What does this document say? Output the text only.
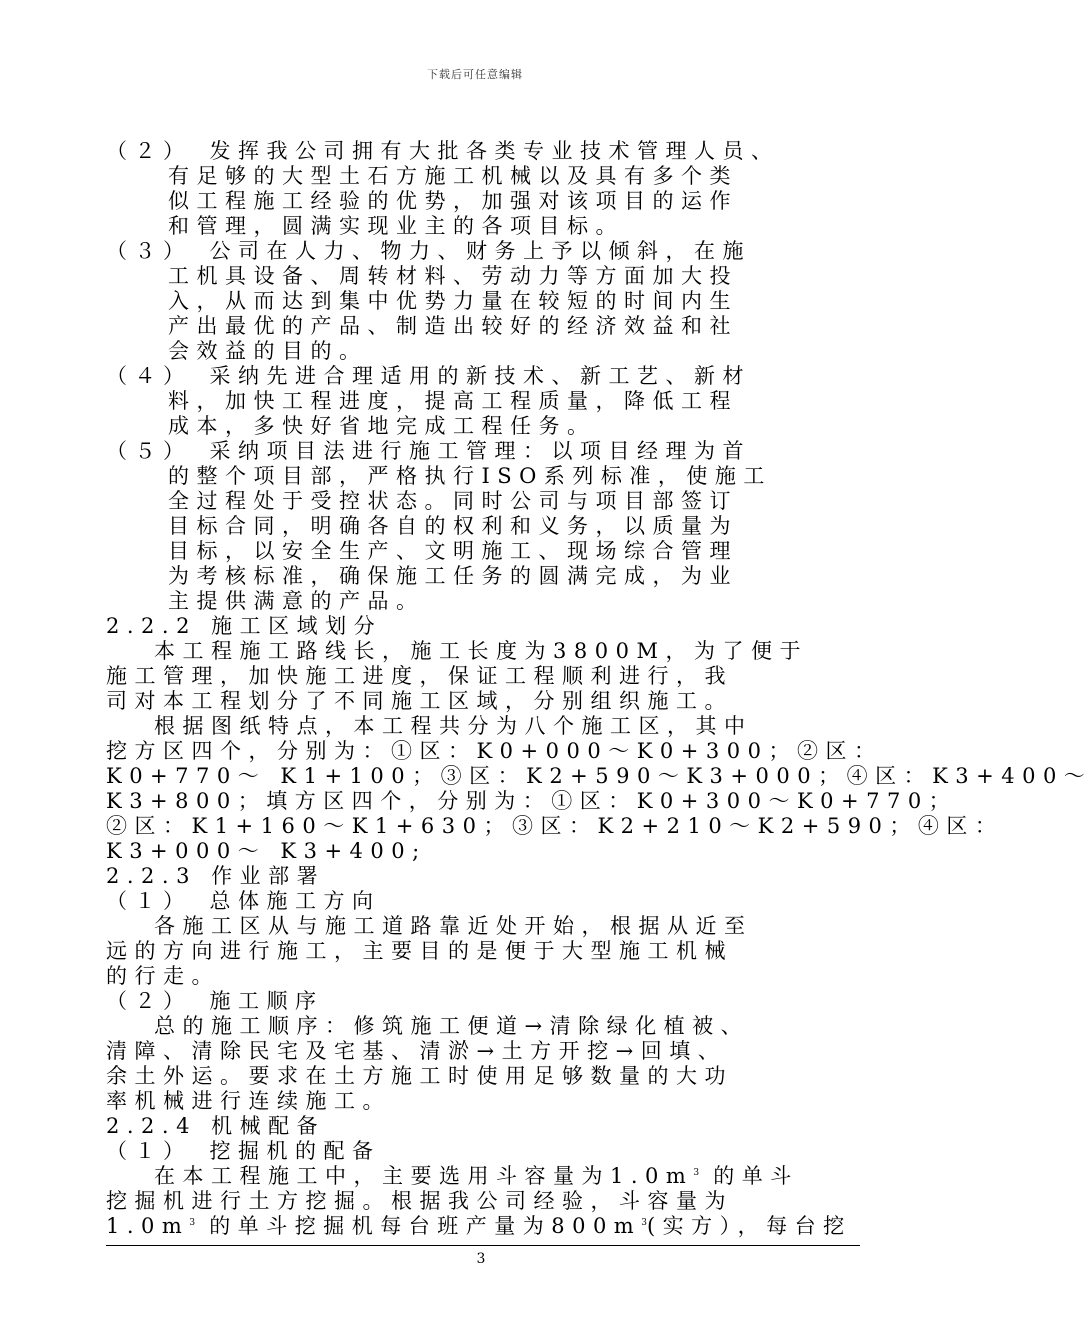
下载后可任意编辑
（２）　发挥我公司拥有大批各类专业技术管理人员、
有足够的大型土石方施工机械以及具有多个类
似工程施工经验的优势，加强对该项目的运作
和管理，圆满实现业主的各项目标。
（３）　公司在人力、物力、财务上予以倾斜，在施
工机具设备、周转材料、劳动力等方面加大投
入，从而达到集中优势力量在较短的时间内生
产出最优的产品、制造出较好的经济效益和社
会效益的目的。
（４）　采纳先进合理适用的新技术、新工艺、新材
料，加快工程进度，提高工程质量，降低工程
成本，多快好省地完成工程任务。
（５）　采纳项目法进行施工管理：以项目经理为首
的整个项目部，严格执行ISO系列标准，使施工
全过程处于受控状态。同时公司与项目部签订
目标合同，明确各自的权利和义务，以质量为
目标，以安全生产、文明施工、现场综合管理
为考核标准，确保施工任务的圆满完成，为业
主提供满意的产品。
2.2.2 施工区域划分
本工程施工路线长，施工长度为3800M，为了便于
施工管理，加快施工进度，保证工程顺利进行，我
司对本工程划分了不同施工区域，分别组织施工。
根据图纸特点，本工程共分为八个施工区，其中
挖方区四个，分别为：①区：K0+000～K0+300；②区：
K0+770～ K1+100；③区：K2+590～K3+000；④区：K3+400～
K3+800；填方区四个，分别为：①区：K0+300～K0+770；
②区：K1+160～K1+630；③区：K2+210～K2+590；④区：
K3+000～ K3+400;
2.2.3 作业部署
（１）　总体施工方向
各施工区从与施工道路靠近处开始，根据从近至
远的方向进行施工，主要目的是便于大型施工机械
的行走。
（２）　施工顺序
总的施工顺序：修筑施工便道→清除绿化植被、
清障、清除民宅及宅基、清淤→土方开挖→回填、
余土外运。要求在土方施工时使用足够数量的大功
率机械进行连续施工。
2.2.4 机械配备
（１）　挖掘机的配备
在本工程施工中，主要选用斗容量为$1.0m^3$ 的单斗
挖掘机进行土方挖掘。根据我公司经验，斗容量为
$1.0m^3$ 的单斗挖掘机每台班产量为$800m^3$(实方），每台挖
3
